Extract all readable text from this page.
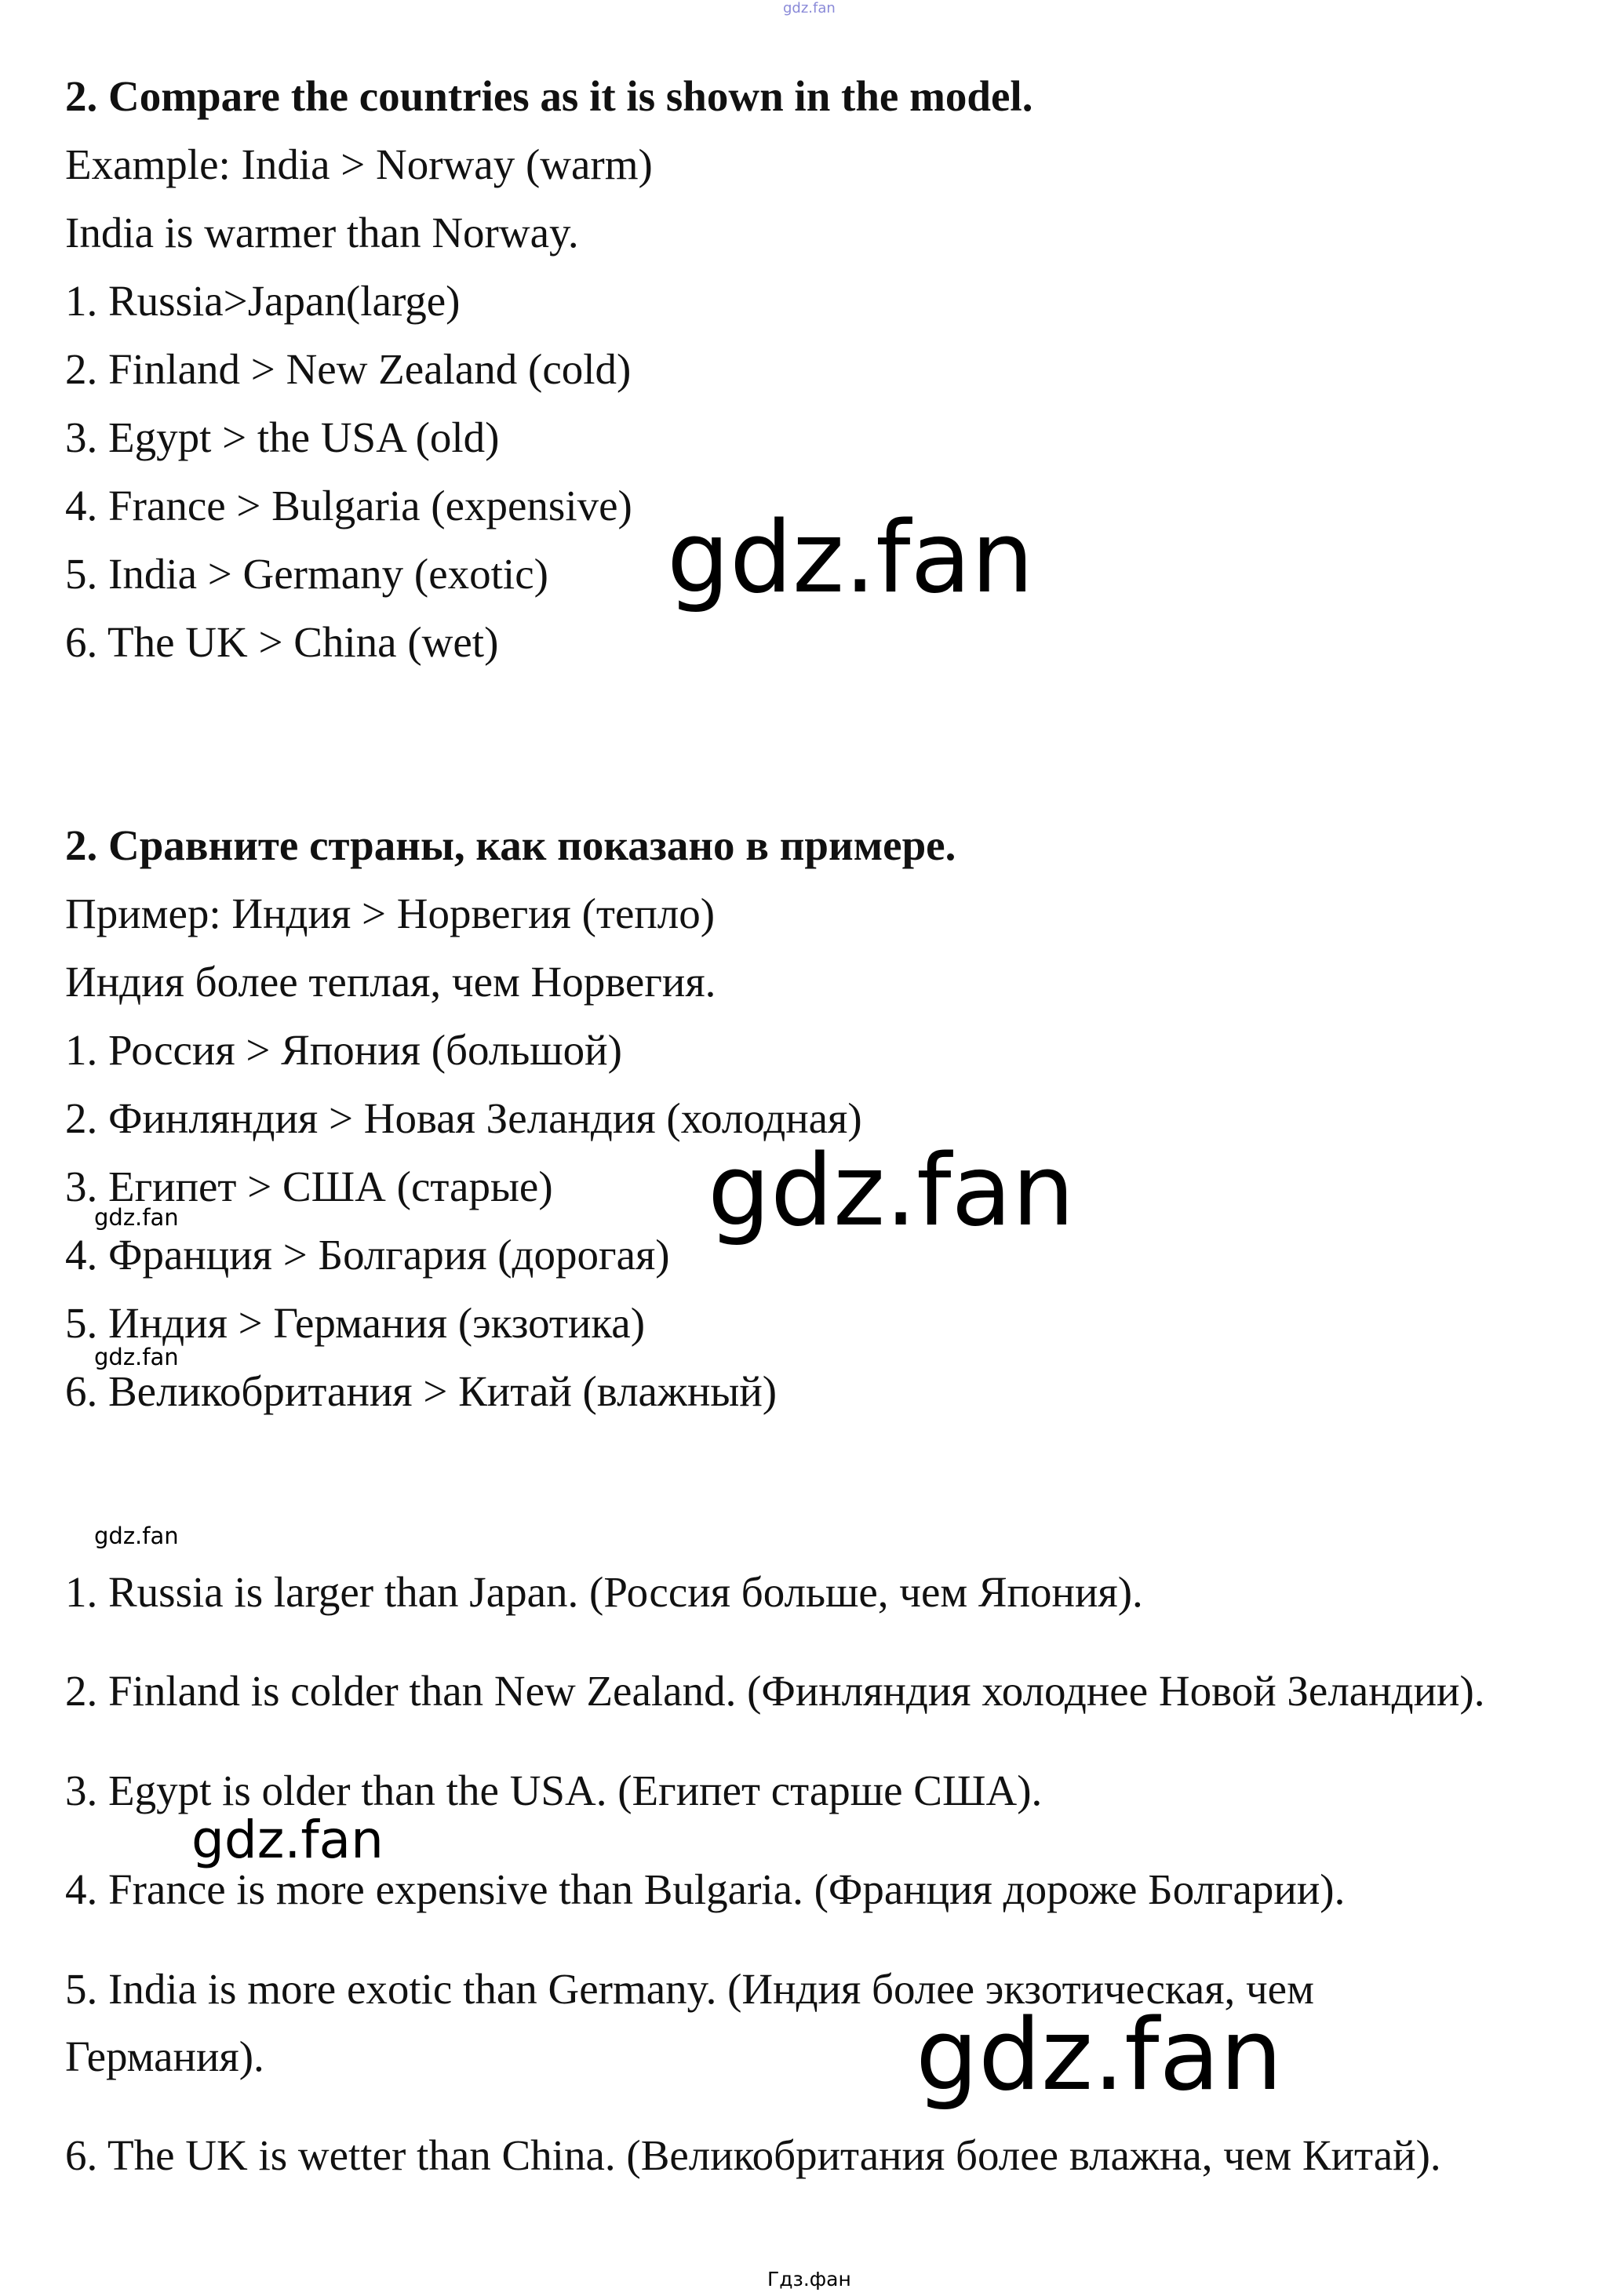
gdz.fan
2. Compare the countries as it is shown in the model.
Example: India > Norway (warm)
India is warmer than Norway.
1. Russia>Japan(large)
2. Finland > New Zealand (cold)
3. Egypt > the USA (old)
4. France > Bulgaria (expensive)
5. India > Germany (exotic)
6. The UK > China (wet)
gdz.fan
2. Сравните страны, как показано в примере.
Пример: Индия > Норвегия (тепло)
Индия более теплая, чем Норвегия.
1. Россия > Япония (большой)
2. Финляндия > Новая Зеландия (холодная)
3. Египет > США (старые)
4. Франция > Болгария (дорогая)
5. Индия > Германия (экзотика)
6. Великобритания > Китай (влажный)
gdz.fan
gdz.fan
gdz.fan
gdz.fan
1. Russia is larger than Japan. (Россия больше, чем Япония).
2. Finland is colder than New Zealand. (Финляндия холоднее Новой Зеландии).
3. Egypt is older than the USA. (Египет старше США).
4. France is more expensive than Bulgaria. (Франция дороже Болгарии).
5. India is more exotic than Germany. (Индия более экзотическая, чем
Германия).
6. The UK is wetter than China. (Великобритания более влажна, чем Китай).
gdz.fan
gdz.fan
Гдз.фан
